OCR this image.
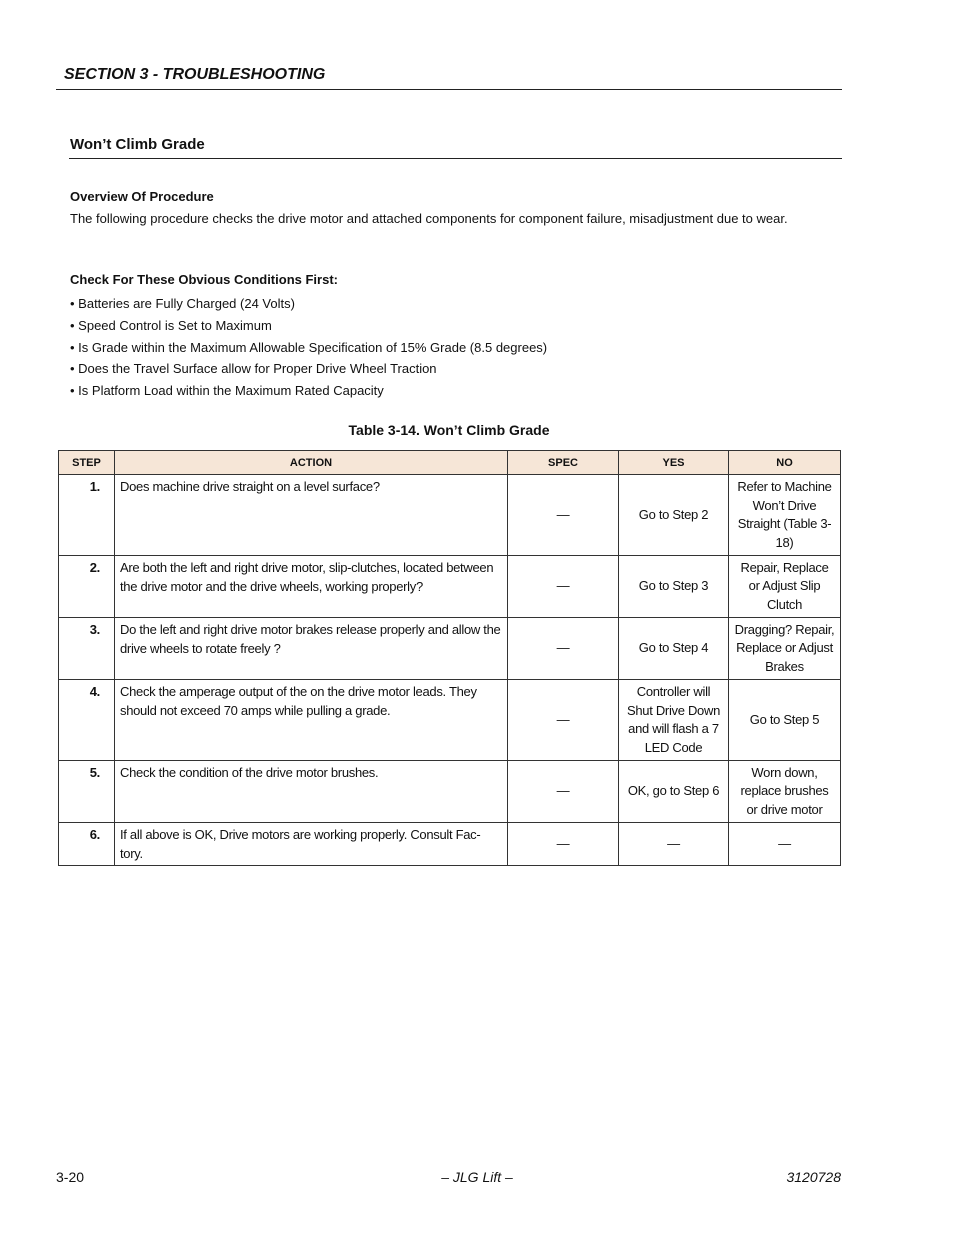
SECTION 3 - TROUBLESHOOTING
Won’t Climb Grade
Overview Of Procedure
The following procedure checks the drive motor and attached components for component failure, misadjustment due to wear.
Check For These Obvious Conditions First:
• Batteries are Fully Charged (24 Volts)
• Speed Control is Set to Maximum
• Is Grade within the Maximum Allowable Specification of 15% Grade (8.5 degrees)
• Does the Travel Surface allow for Proper Drive Wheel Traction
• Is Platform Load within the Maximum Rated Capacity
Table 3-14. Won’t Climb Grade
STEP	ACTION	SPEC	YES	NO
1.	Does machine drive straight on a level surface?	—	Go to Step 2	Refer to Machine Won’t Drive Straight (Table 3-18)
2.	Are both the left and right drive motor, slip-clutches, located between the drive motor and the drive wheels, working properly?	—	Go to Step 3	Repair, Replace or Adjust Slip Clutch
3.	Do the left and right drive motor brakes release properly and allow the drive wheels to rotate freely ?	—	Go to Step 4	Dragging? Repair, Replace or Adjust Brakes
4.	Check the amperage output of the on the drive motor leads. They should not exceed 70 amps while pulling a grade.	—	Controller will Shut Drive Down and will flash a 7 LED Code	Go to Step 5
5.	Check the condition of the drive motor brushes.	—	OK, go to Step 6	Worn down, replace brushes or drive motor
6.	If all above is OK, Drive motors are working properly. Consult Fac-tory.	—	—	—
3-20	– JLG Lift –	3120728
